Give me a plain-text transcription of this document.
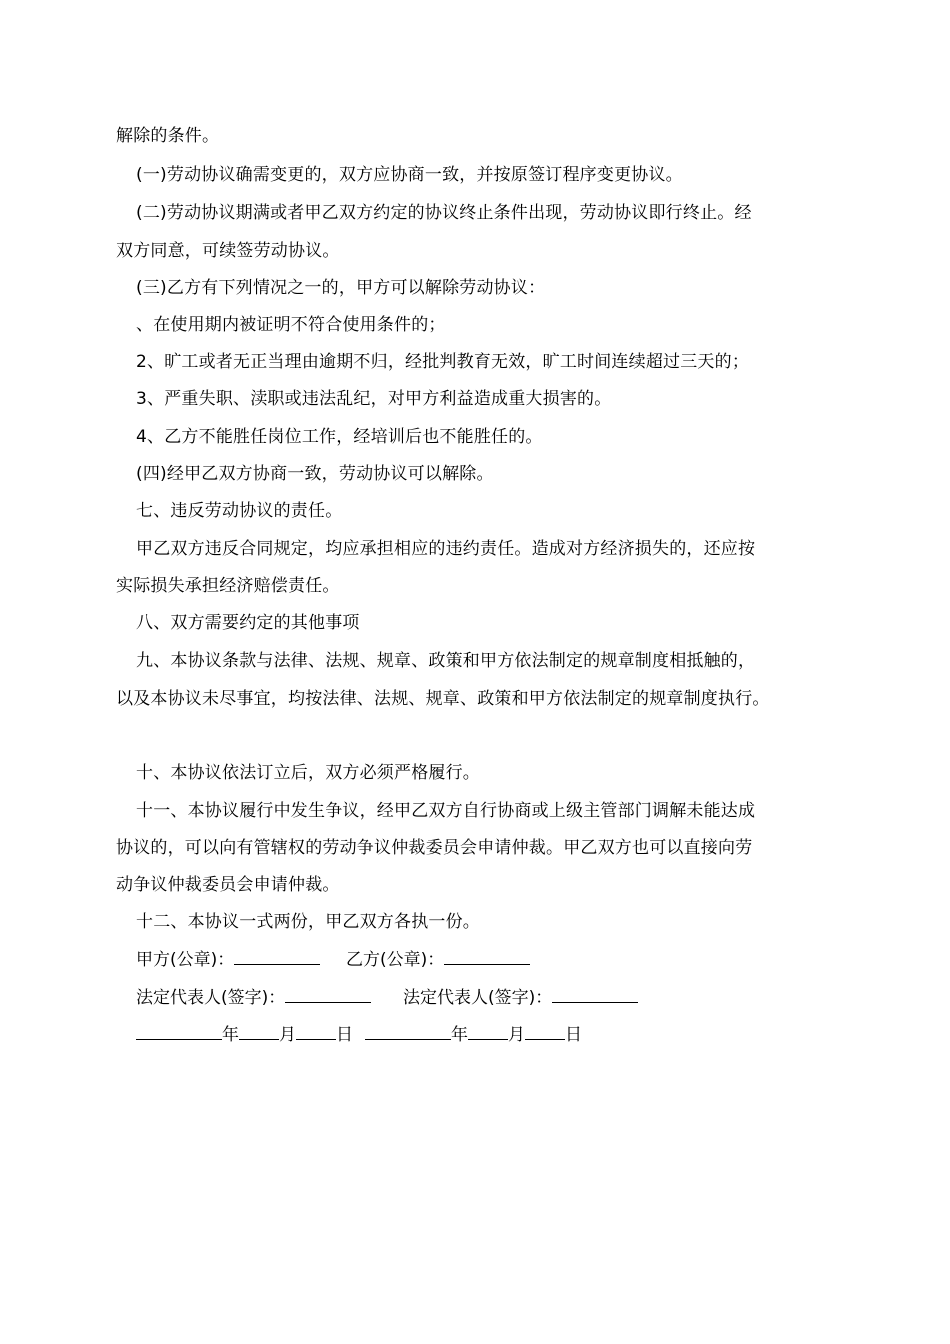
解除的条件。
(一)劳动协议确需变更的，双方应协商一致，并按原签订程序变更协议。
(二)劳动协议期满或者甲乙双方约定的协议终止条件出现，劳动协议即行终止。经
双方同意，可续签劳动协议。
(三)乙方有下列情况之一的，甲方可以解除劳动协议：
、在使用期内被证明不符合使用条件的；
2、旷工或者无正当理由逾期不归，经批判教育无效，旷工时间连续超过三天的；
3、严重失职、渎职或违法乱纪，对甲方利益造成重大损害的。
4、乙方不能胜任岗位工作，经培训后也不能胜任的。
(四)经甲乙双方协商一致，劳动协议可以解除。
七、违反劳动协议的责任。
甲乙双方违反合同规定，均应承担相应的违约责任。造成对方经济损失的，还应按
实际损失承担经济赔偿责任。
八、双方需要约定的其他事项
九、本协议条款与法律、法规、规章、政策和甲方依法制定的规章制度相抵触的，
以及本协议未尽事宜，均按法律、法规、规章、政策和甲方依法制定的规章制度执行。
十、本协议依法订立后，双方必须严格履行。
十一、本协议履行中发生争议，经甲乙双方自行协商或上级主管部门调解未能达成
协议的，可以向有管辖权的劳动争议仲裁委员会申请仲裁。甲乙双方也可以直接向劳
动争议仲裁委员会申请仲裁。
十二、本协议一式两份，甲乙双方各执一份。
甲方(公章)：	乙方(公章)：
法定代表人(签字)：	法定代表人(签字)：
年 月 日	年 月 日
